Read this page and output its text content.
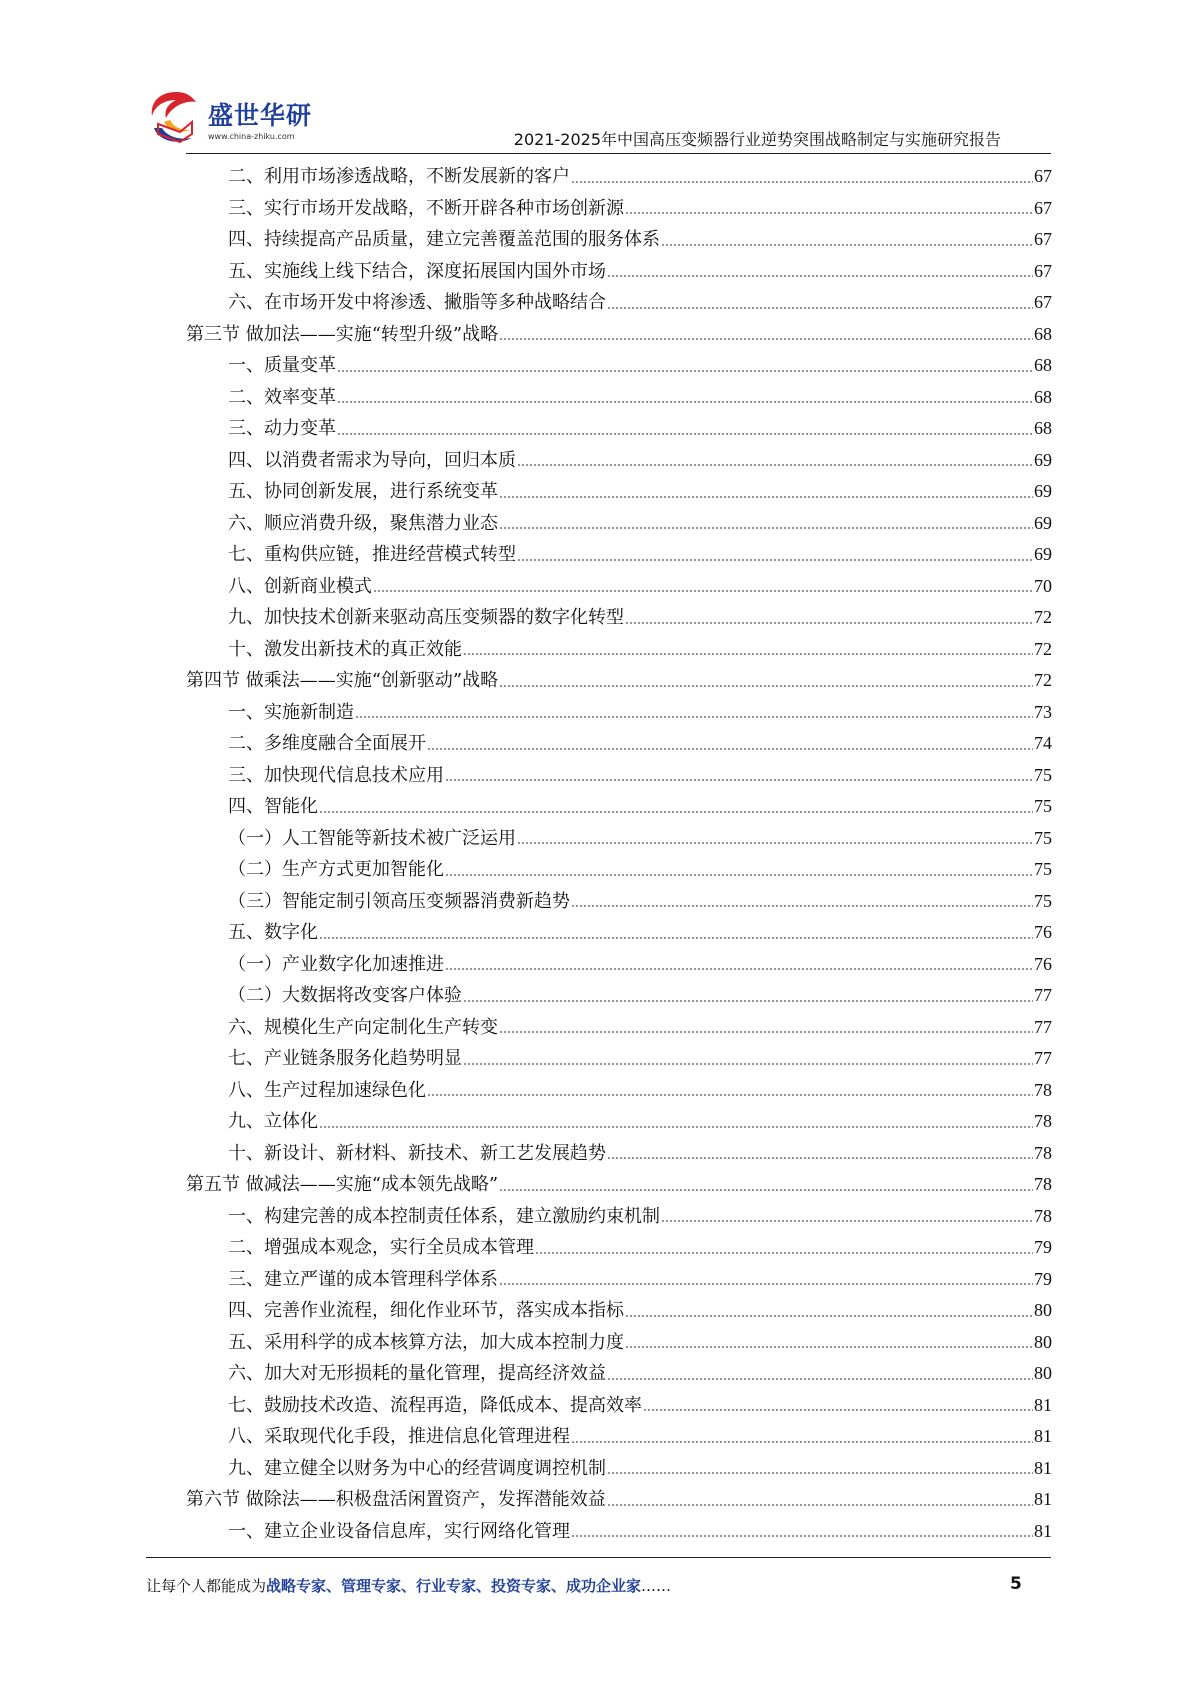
盛世华研
www.china-zhiku.com	2021-2025年中国高压变频器行业逆势突围战略制定与实施研究报告
二、利用市场渗透战略，不断发展新的客户	67
三、实行市场开发战略，不断开辟各种市场创新源	67
四、持续提高产品质量，建立完善覆盖范围的服务体系	67
五、实施线上线下结合，深度拓展国内国外市场	67
六、在市场开发中将渗透、撇脂等多种战略结合	67
第三节 做加法——实施“转型升级”战略	68
一、质量变革	68
二、效率变革	68
三、动力变革	68
四、以消费者需求为导向，回归本质	69
五、协同创新发展，进行系统变革	69
六、顺应消费升级，聚焦潜力业态	69
七、重构供应链，推进经营模式转型	69
八、创新商业模式	70
九、加快技术创新来驱动高压变频器的数字化转型	72
十、激发出新技术的真正效能	72
第四节 做乘法——实施“创新驱动”战略	72
一、实施新制造	73
二、多维度融合全面展开	74
三、加快现代信息技术应用	75
四、智能化	75
（一）人工智能等新技术被广泛运用	75
（二）生产方式更加智能化	75
（三）智能定制引领高压变频器消费新趋势	75
五、数字化	76
（一）产业数字化加速推进	76
（二）大数据将改变客户体验	77
六、规模化生产向定制化生产转变	77
七、产业链条服务化趋势明显	77
八、生产过程加速绿色化	78
九、立体化	78
十、新设计、新材料、新技术、新工艺发展趋势	78
第五节 做减法——实施“成本领先战略”	78
一、构建完善的成本控制责任体系，建立激励约束机制	78
二、增强成本观念，实行全员成本管理	79
三、建立严谨的成本管理科学体系	79
四、完善作业流程，细化作业环节，落实成本指标	80
五、采用科学的成本核算方法，加大成本控制力度	80
六、加大对无形损耗的量化管理，提高经济效益	80
七、鼓励技术改造、流程再造，降低成本、提高效率	81
八、采取现代化手段，推进信息化管理进程	81
九、建立健全以财务为中心的经营调度调控机制	81
第六节 做除法——积极盘活闲置资产，发挥潜能效益	81
一、建立企业设备信息库，实行网络化管理	81
让每个人都能成为战略专家、管理专家、行业专家、投资专家、成功企业家……	5
